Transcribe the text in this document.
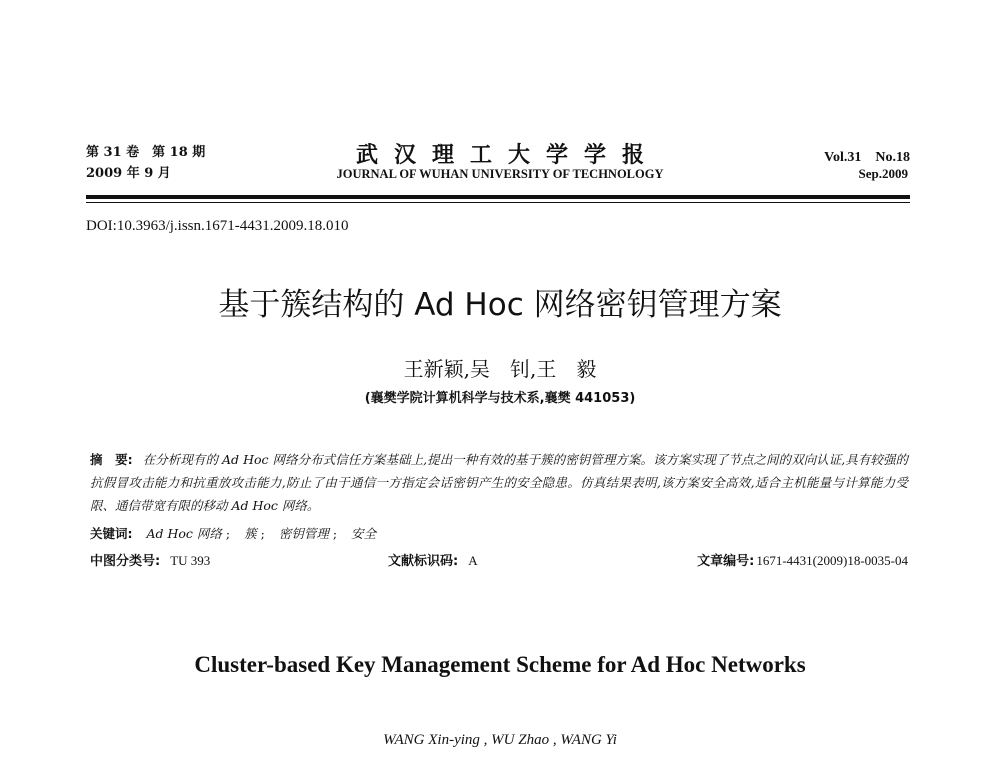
第 31 卷　第 18 期
2009 年 9 月
武汉理工大学学报
JOURNAL OF WUHAN UNIVERSITY OF TECHNOLOGY
Vol.31　No.18
Sep.2009
DOI:10.3963/j.issn.1671-4431.2009.18.010
基于簇结构的 Ad Hoc 网络密钥管理方案
王新颖,吴　钊,王　毅
(襄樊学院计算机科学与技术系,襄樊 441053)
摘　要: 在分析现有的 Ad Hoc 网络分布式信任方案基础上,提出一种有效的基于簇的密钥管理方案。该方案实现了节点之间的双向认证,具有较强的抗假冒攻击能力和抗重放攻击能力,防止了由于通信一方指定会话密钥产生的安全隐患。仿真结果表明,该方案安全高效,适合主机能量与计算能力受限、通信带宽有限的移动 Ad Hoc 网络。
关键词: Ad Hoc 网络 ; 簇 ; 密钥管理 ; 安全
中图分类号: TU 393	文献标识码: A	文章编号: 1671-4431(2009)18-0035-04
Cluster-based Key Management Scheme for Ad Hoc Networks
WANG Xin-ying , WU Zhao , WANG Yi
